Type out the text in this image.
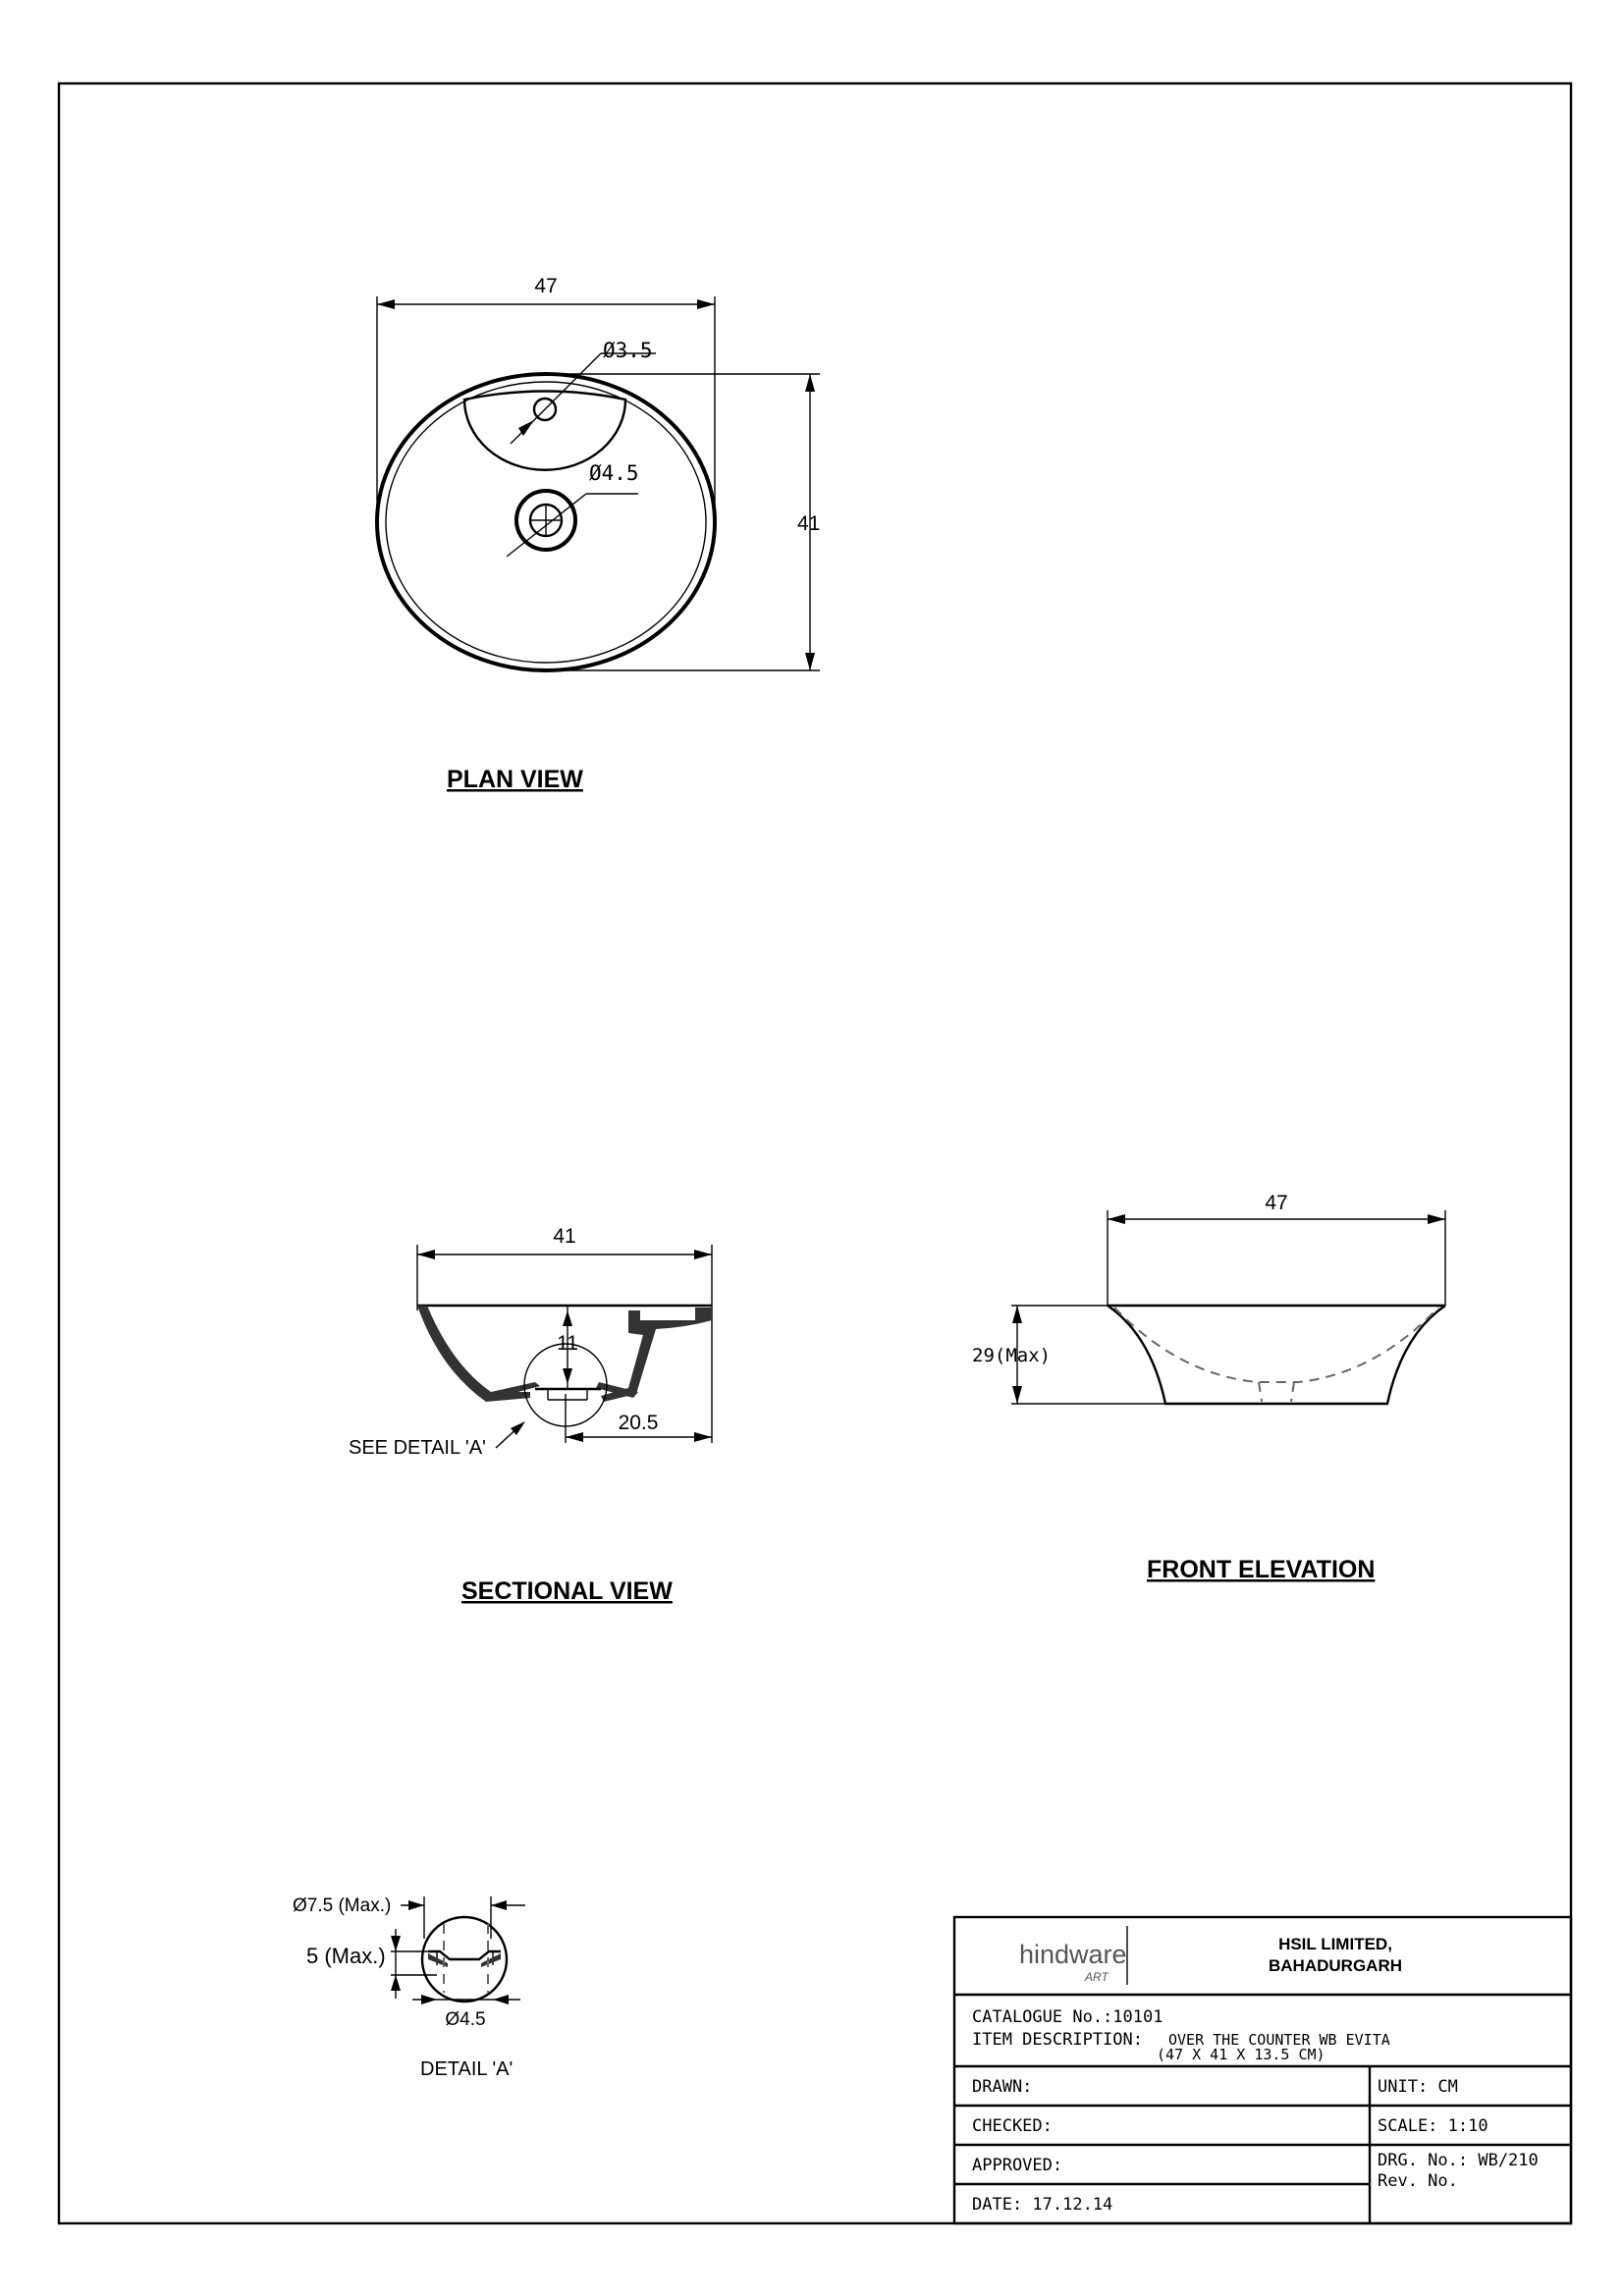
47
41
Ø3.5
Ø4.5
PLAN VIEW
41
11
20.5
SEE DETAIL 'A'
SECTIONAL VIEW
47
29(Max)
FRONT ELEVATION
Ø7.5 (Max.)
5 (Max.)
Ø4.5
DETAIL 'A'
hindware
ART
HSIL LIMITED,
BAHADURGARH
CATALOGUE No.:10101
ITEM DESCRIPTION: OVER THE COUNTER WB EVITA
(47 X 41 X 13.5 CM)
DRAWN:
CHECKED:
APPROVED:
DATE: 17.12.14
UNIT: CM
SCALE: 1:10
DRG. No.: WB/210
Rev. No.
